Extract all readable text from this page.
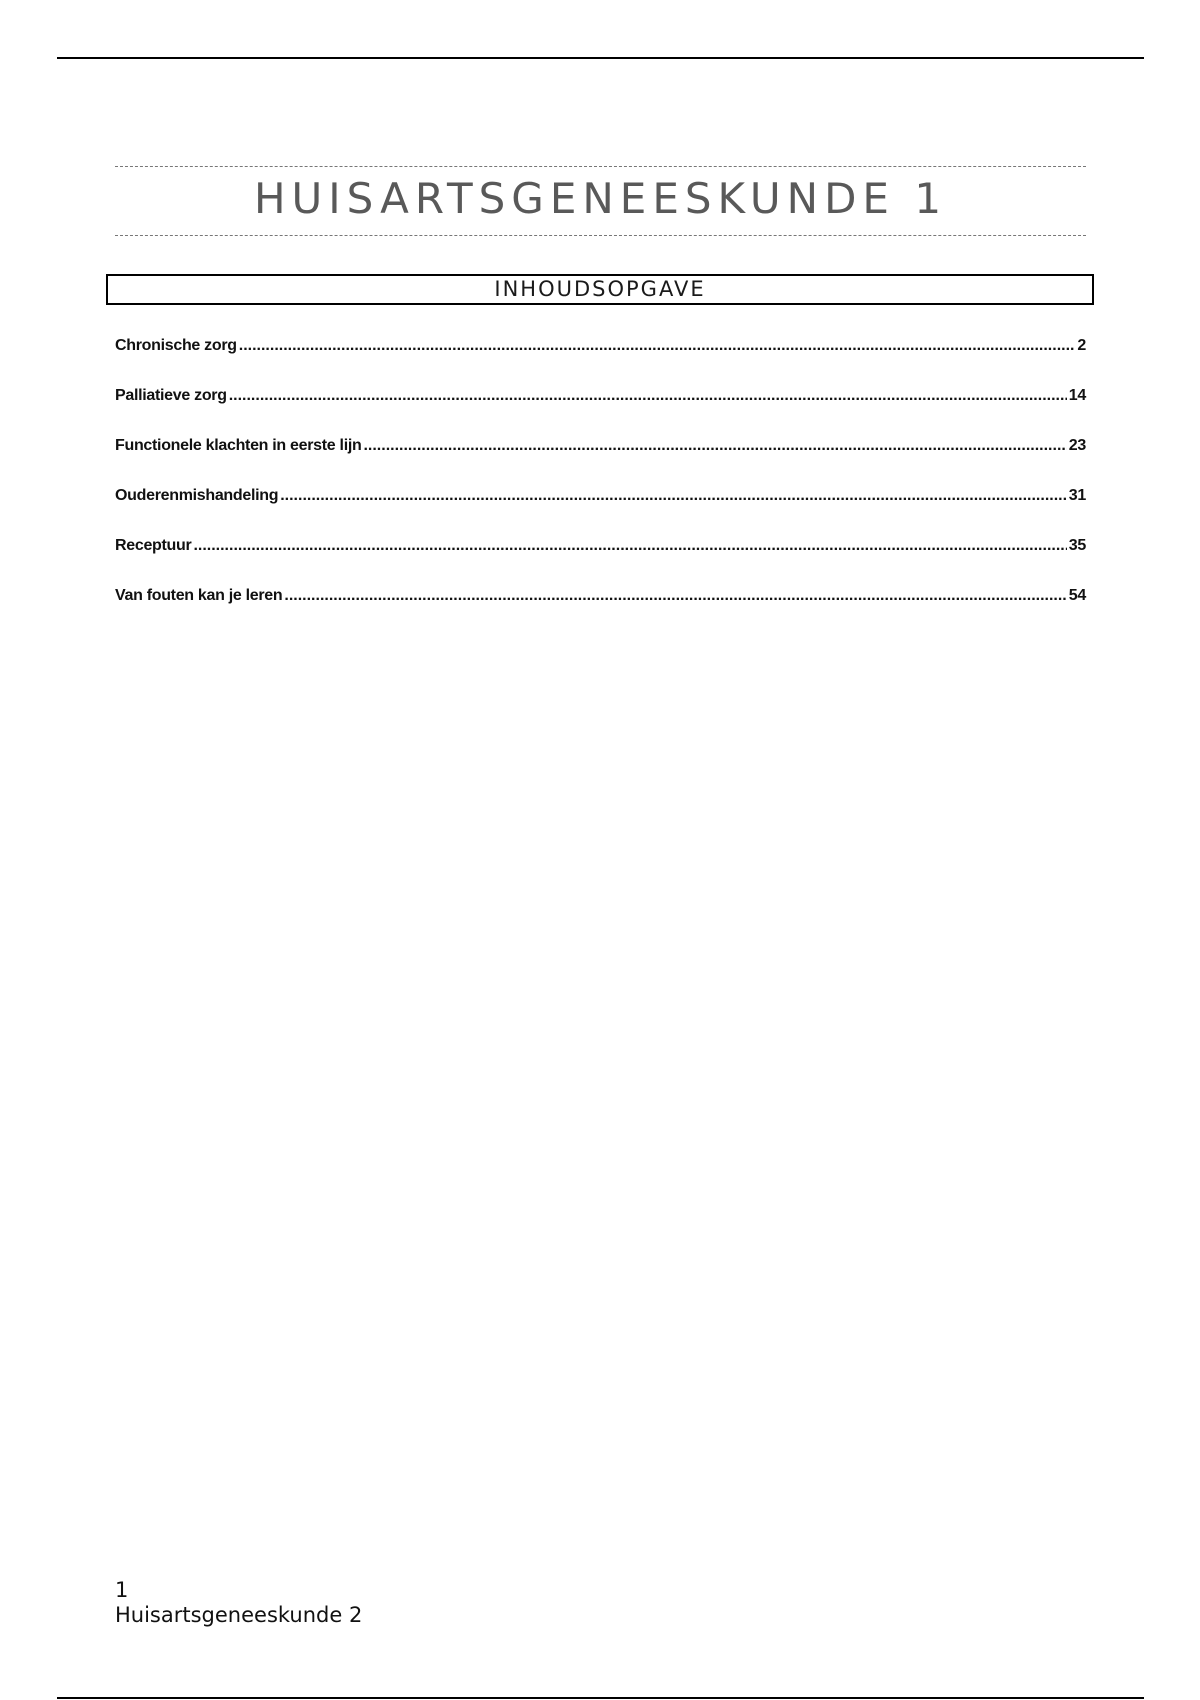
HUISARTSGENEESKUNDE 1
INHOUDSOPGAVE
Chronische zorg .....	2
Palliatieve zorg .....	14
Functionele klachten in eerste lijn .....	23
Ouderenmishandeling .....	31
Receptuur .....	35
Van fouten kan je leren .....	54
1
Huisartsgeneeskunde 2
